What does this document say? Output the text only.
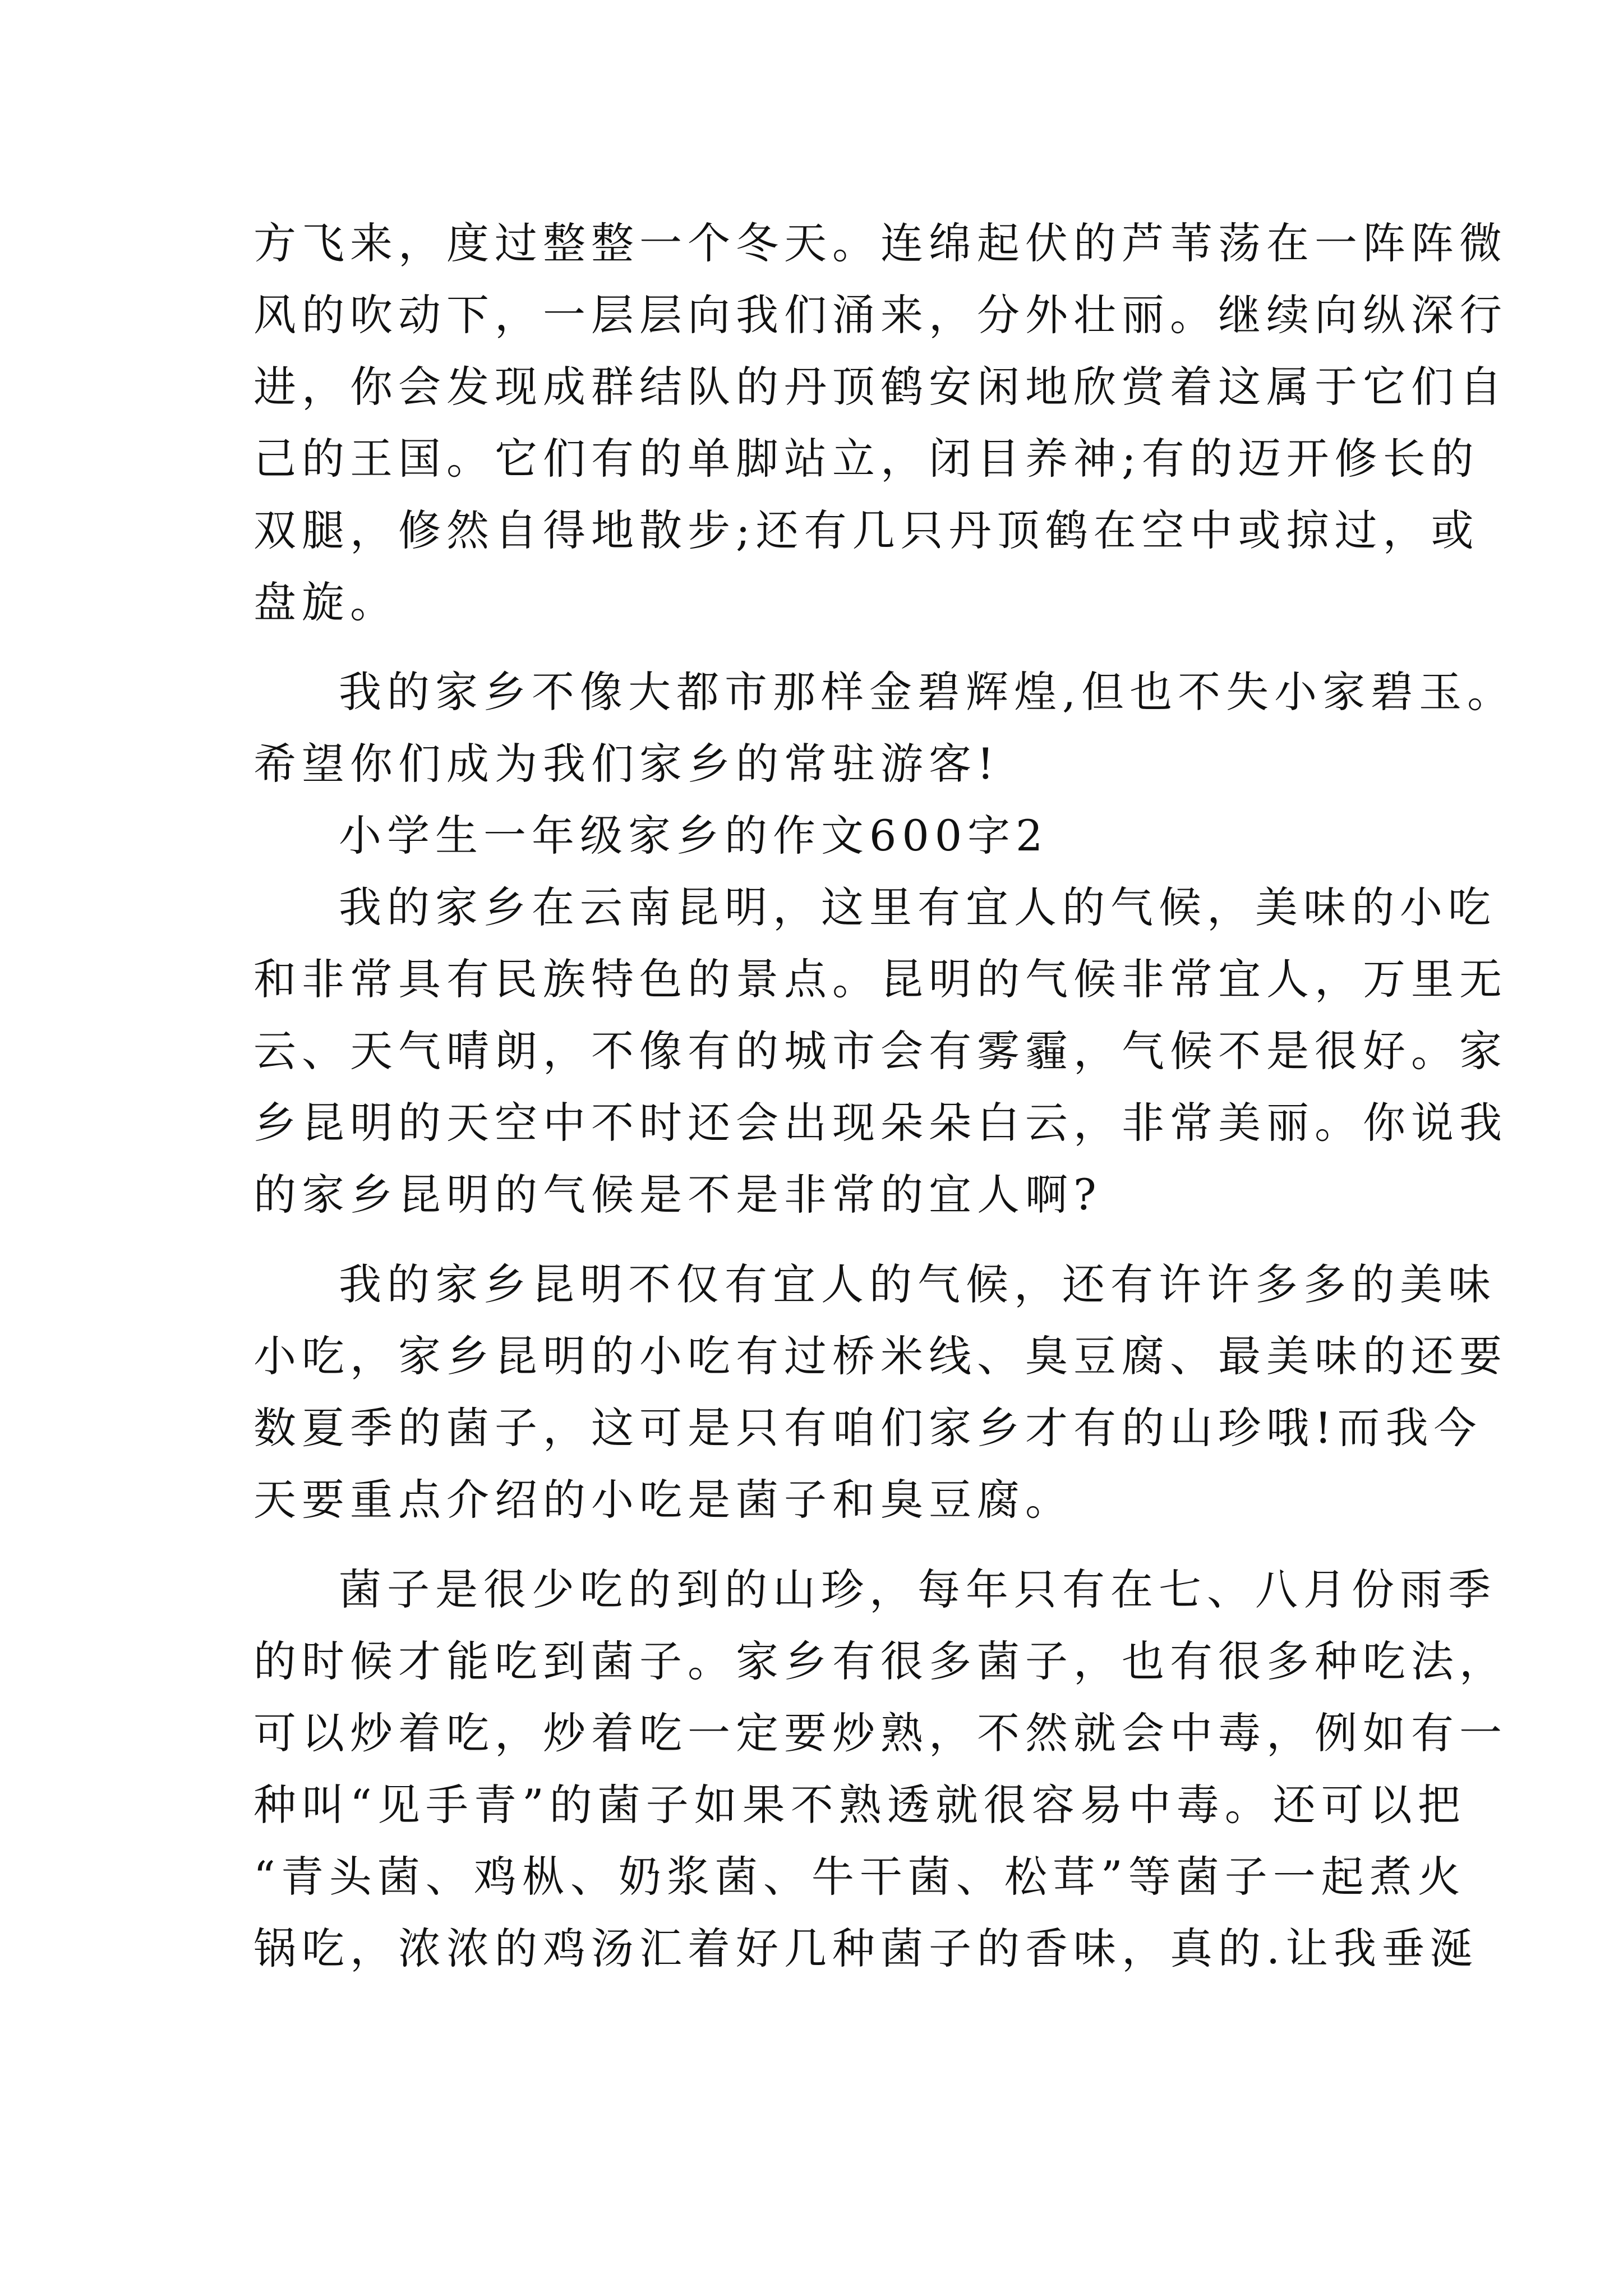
方飞来，度过整整一个冬天。连绵起伏的芦苇荡在一阵阵微
风的吹动下，一层层向我们涌来，分外壮丽。继续向纵深行
进，你会发现成群结队的丹顶鹤安闲地欣赏着这属于它们自
己的王国。它们有的单脚站立，闭目养神;有的迈开修长的
双腿，修然自得地散步;还有几只丹顶鹤在空中或掠过，或
盘旋。
我的家乡不像大都市那样金碧辉煌,但也不失小家碧玉。
希望你们成为我们家乡的常驻游客!
小学生一年级家乡的作文600字2
我的家乡在云南昆明，这里有宜人的气候，美味的小吃
和非常具有民族特色的景点。昆明的气候非常宜人，万里无
云、天气晴朗，不像有的城市会有雾霾，气候不是很好。家
乡昆明的天空中不时还会出现朵朵白云，非常美丽。你说我
的家乡昆明的气候是不是非常的宜人啊?
我的家乡昆明不仅有宜人的气候，还有许许多多的美味
小吃，家乡昆明的小吃有过桥米线、臭豆腐、最美味的还要
数夏季的菌子，这可是只有咱们家乡才有的山珍哦!而我今
天要重点介绍的小吃是菌子和臭豆腐。
菌子是很少吃的到的山珍，每年只有在七、八月份雨季
的时候才能吃到菌子。家乡有很多菌子，也有很多种吃法，
可以炒着吃，炒着吃一定要炒熟，不然就会中毒，例如有一
种叫“见手青”的菌子如果不熟透就很容易中毒。还可以把
“青头菌、鸡枞、奶浆菌、牛干菌、松茸”等菌子一起煮火
锅吃，浓浓的鸡汤汇着好几种菌子的香味，真的.让我垂涎
